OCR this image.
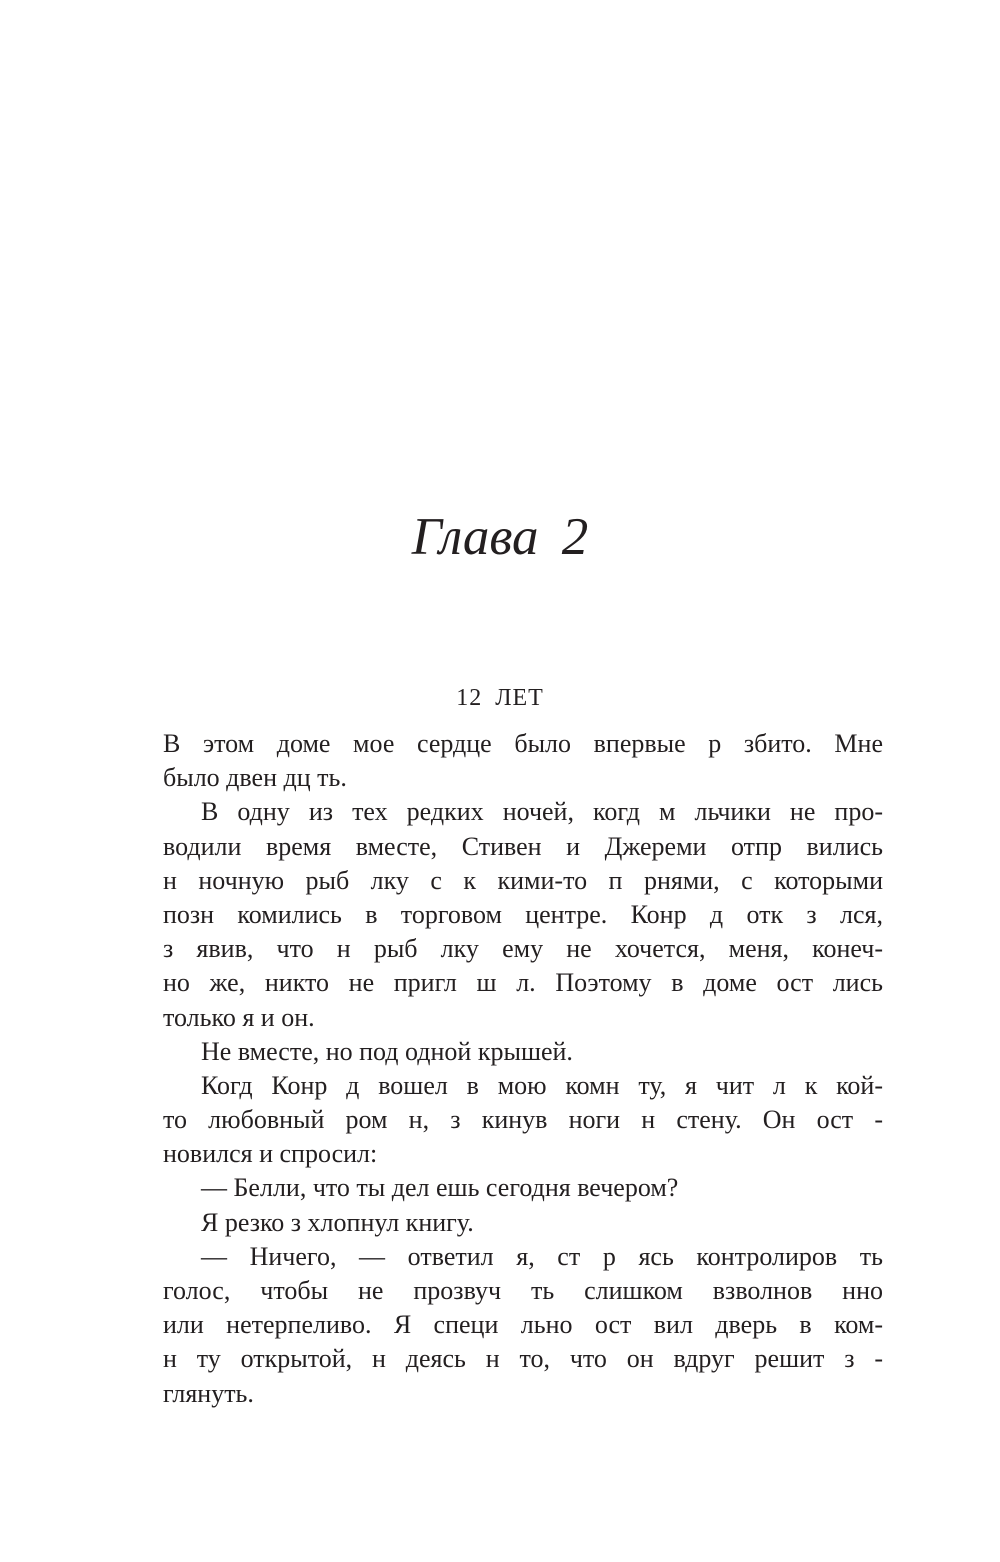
Глава 2
12 ЛЕТ
В этом доме мое сердце было впервые р збито. Мне
было двен дц ть.
В одну из тех редких ночей, когд м льчики не про-
водили время вместе, Стивен и Джереми отпр вились
н ночную рыб лку с к кими-то п рнями, с которыми
позн комились в торговом центре. Конр д отк з лся,
з явив, что н рыб лку ему не хочется, меня, конеч-
но же, никто не пригл ш л. Поэтому в доме ост лись
только я и он.
Не вместе, но под одной крышей.
Когд Конр д вошел в мою комн ту, я чит л к кой-
то любовный ром н, з кинув ноги н стену. Он ост -
новился и спросил:
— Белли, что ты дел ешь сегодня вечером?
Я резко з хлопнул книгу.
— Ничего, — ответил я, ст р ясь контролиров ть
голос, чтобы не прозвуч ть слишком взволнов нно
или нетерпеливо. Я специ льно ост вил дверь в ком-
н ту открытой, н деясь н то, что он вдруг решит з -
глянуть.
